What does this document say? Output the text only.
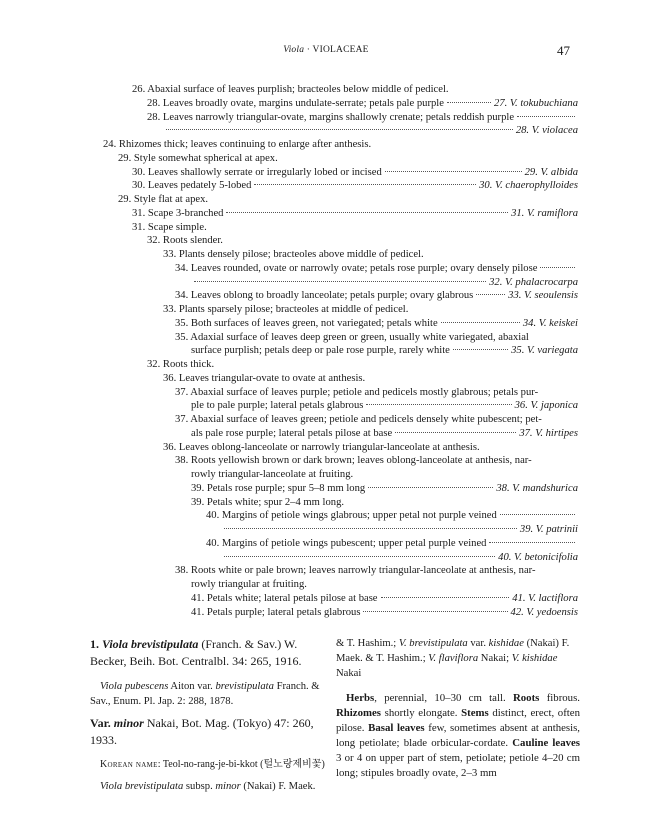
Viola · VIOLACEAE	47
26. Abaxial surface of leaves purplish; bracteoles below middle of pedicel.
28. Leaves broadly ovate, margins undulate-serrate; petals pale purple	27. V. tokubuchiana
28. Leaves narrowly triangular-ovate, margins shallowly crenate; petals reddish purple
28. V. violacea
24. Rhizomes thick; leaves continuing to enlarge after anthesis.
29. Style somewhat spherical at apex.
30. Leaves shallowly serrate or irregularly lobed or incised	29. V. albida
30. Leaves pedately 5-lobed	30. V. chaerophylloides
29. Style flat at apex.
31. Scape 3-branched	31. V. ramiflora
31. Scape simple.
32. Roots slender.
33. Plants densely pilose; bracteoles above middle of pedicel.
34. Leaves rounded, ovate or narrowly ovate; petals rose purple; ovary densely pilose
32. V. phalacrocarpa
34. Leaves oblong to broadly lanceolate; petals purple; ovary glabrous	33. V. seoulensis
33. Plants sparsely pilose; bracteoles at middle of pedicel.
35. Both surfaces of leaves green, not variegated; petals white	34. V. keiskei
35. Adaxial surface of leaves deep green or green, usually white variegated, abaxial
surface purplish; petals deep or pale rose purple, rarely white	35. V. variegata
32. Roots thick.
36. Leaves triangular-ovate to ovate at anthesis.
37. Abaxial surface of leaves purple; petiole and pedicels mostly glabrous; petals pur-
ple to pale purple; lateral petals glabrous	36. V. japonica
37. Abaxial surface of leaves green; petiole and pedicels densely white pubescent; pet-
als pale rose purple; lateral petals pilose at base	37. V. hirtipes
36. Leaves oblong-lanceolate or narrowly triangular-lanceolate at anthesis.
38. Roots yellowish brown or dark brown; leaves oblong-lanceolate at anthesis, nar-
rowly triangular-lanceolate at fruiting.
39. Petals rose purple; spur 5–8 mm long	38. V. mandshurica
39. Petals white; spur 2–4 mm long.
40. Margins of petiole wings glabrous; upper petal not purple veined
39. V. patrinii
40. Margins of petiole wings pubescent; upper petal purple veined
40. V. betonicifolia
38. Roots white or pale brown; leaves narrowly triangular-lanceolate at anthesis, nar-
rowly triangular at fruiting.
41. Petals white; lateral petals pilose at base	41. V. lactiflora
41. Petals purple; lateral petals glabrous	42. V. yedoensis

1. Viola brevistipulata (Franch. & Sav.) W. Becker, Beih. Bot. Centralbl. 34: 265, 1916.

Viola pubescens Aiton var. brevistipulata Franch. & Sav., Enum. Pl. Jap. 2: 288, 1878.

Var. minor Nakai, Bot. Mag. (Tokyo) 47: 260, 1933.

Korean name: Teol-no-rang-je-bi-kkot (털노랑제비꽃)

Viola brevistipulata subsp. minor (Nakai) F. Maek.

& T. Hashim.; V. brevistipulata var. kishidae (Nakai) F. Maek. & T. Hashim.; V. flaviflora Nakai; V. kishidae Nakai

Herbs, perennial, 10–30 cm tall. Roots fibrous. Rhizomes shortly elongate. Stems distinct, erect, often pilose. Basal leaves few, sometimes absent at anthesis, long petiolate; blade orbicular-cordate. Cauline leaves 3 or 4 on upper part of stem, petiolate; petiole 4–20 cm long; stipules broadly ovate, 2–3 mm
